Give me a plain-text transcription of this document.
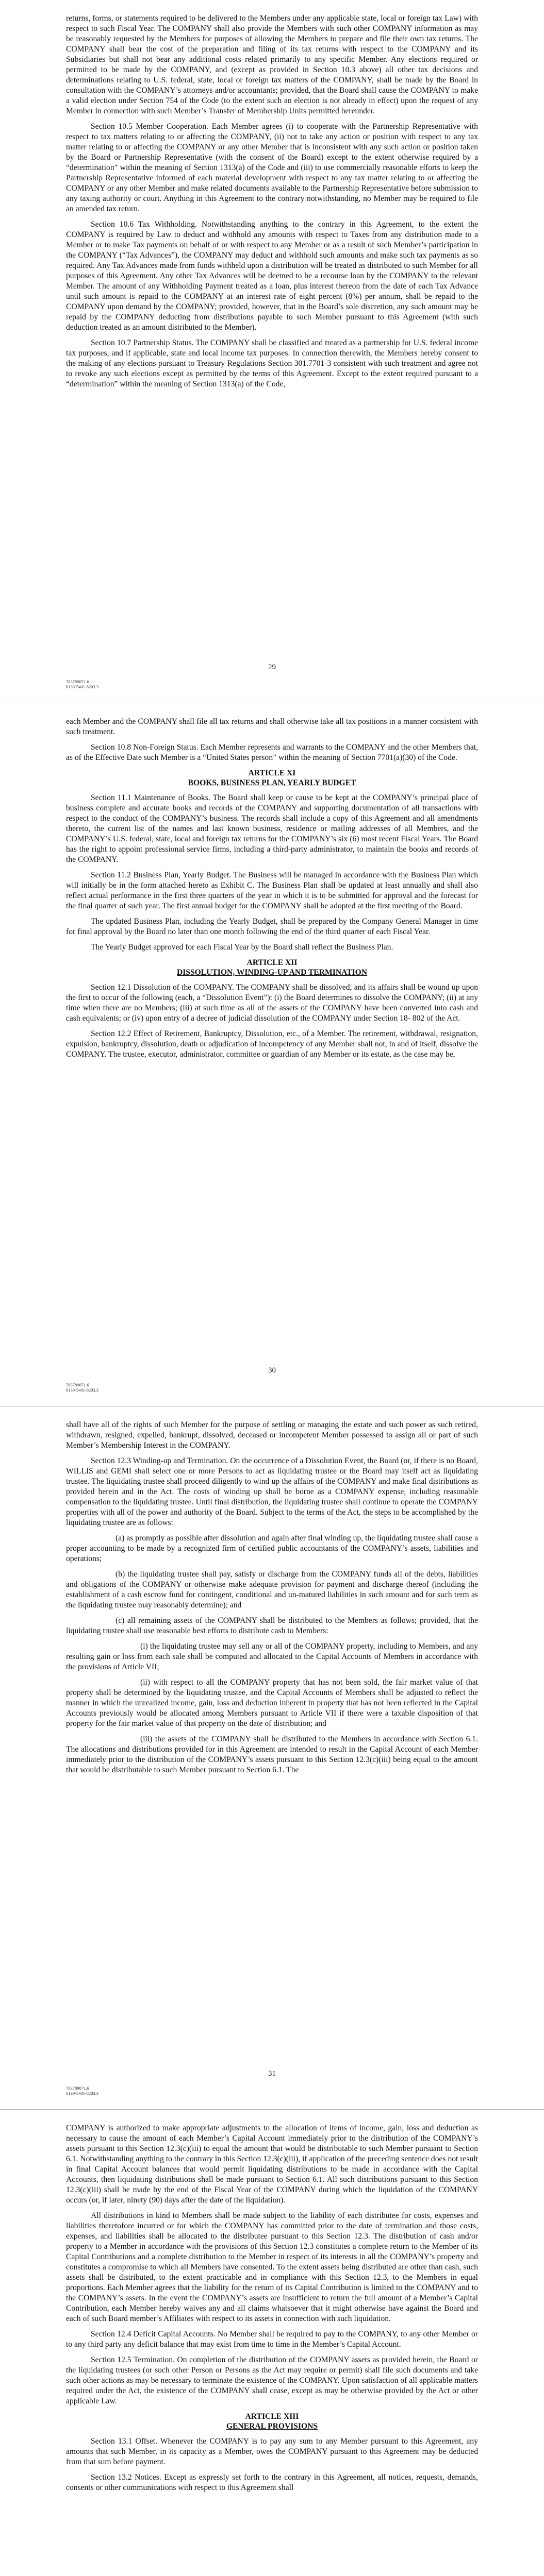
returns, forms, or statements required to be delivered to the Members under any applicable state, local or foreign tax Law) with respect to such Fiscal Year. The COMPANY shall also provide the Members with such other COMPANY information as may be reasonably requested by the Members for purposes of allowing the Members to prepare and file their own tax returns. The COMPANY shall bear the cost of the preparation and filing of its tax returns with respect to the COMPANY and its Subsidiaries but shall not bear any additional costs related primarily to any specific Member. Any elections required or permitted to be made by the COMPANY, and (except as provided in Section 10.3 above) all other tax decisions and determinations relating to U.S. federal, state, local or foreign tax matters of the COMPANY, shall be made by the Board in consultation with the COMPANY’s attorneys and/or accountants; provided, that the Board shall cause the COMPANY to make a valid election under Section 754 of the Code (to the extent such an election is not already in effect) upon the request of any Member in connection with such Member’s Transfer of Membership Units permitted hereunder.

Section 10.5 Member Cooperation. Each Member agrees (i) to cooperate with the Partnership Representative with respect to tax matters relating to or affecting the COMPANY, (ii) not to take any action or position with respect to any tax matter relating to or affecting the COMPANY or any other Member that is inconsistent with any such action or position taken by the Board or Partnership Representative (with the consent of the Board) except to the extent otherwise required by a “determination” within the meaning of Section 1313(a) of the Code and (iii) to use commercially reasonable efforts to keep the Partnership Representative informed of each material development with respect to any tax matter relating to or affecting the COMPANY or any other Member and make related documents available to the Partnership Representative before submission to any taxing authority or court. Anything in this Agreement to the contrary notwithstanding, no Member may be required to file an amended tax return.

Section 10.6 Tax Withholding. Notwithstanding anything to the contrary in this Agreement, to the extent the COMPANY is required by Law to deduct and withhold any amounts with respect to Taxes from any distribution made to a Member or to make Tax payments on behalf of or with respect to any Member or as a result of such Member’s participation in the COMPANY (“Tax Advances”), the COMPANY may deduct and withhold such amounts and make such tax payments as so required. Any Tax Advances made from funds withheld upon a distribution will be treated as distributed to such Member for all purposes of this Agreement. Any other Tax Advances will be deemed to be a recourse loan by the COMPANY to the relevant Member. The amount of any Withholding Payment treated as a loan, plus interest thereon from the date of each Tax Advance until such amount is repaid to the COMPANY at an interest rate of eight percent (8%) per annum, shall be repaid to the COMPANY upon demand by the COMPANY; provided, however, that in the Board’s sole discretion, any such amount may be repaid by the COMPANY deducting from distributions payable to such Member pursuant to this Agreement (with such deduction treated as an amount distributed to the Member).

Section 10.7 Partnership Status. The COMPANY shall be classified and treated as a partnership for U.S. federal income tax purposes, and if applicable, state and local income tax purposes. In connection therewith, the Members hereby consent to the making of any elections pursuant to Treasury Regulations Section 301.7701-3 consistent with such treatment and agree not to revoke any such elections except as permitted by the terms of this Agreement. Except to the extent required pursuant to a “determination” within the meaning of Section 1313(a) of the Code,

29
783789071.6
6139-5401-8203.3

each Member and the COMPANY shall file all tax returns and shall otherwise take all tax positions in a manner consistent with such treatment.

Section 10.8 Non-Foreign Status. Each Member represents and warrants to the COMPANY and the other Members that, as of the Effective Date such Member is a “United States person” within the meaning of Section 7701(a)(30) of the Code.

ARTICLE XI
BOOKS, BUSINESS PLAN, YEARLY BUDGET

Section 11.1 Maintenance of Books. The Board shall keep or cause to be kept at the COMPANY’s principal place of business complete and accurate books and records of the COMPANY and supporting documentation of all transactions with respect to the conduct of the COMPANY’s business. The records shall include a copy of this Agreement and all amendments thereto, the current list of the names and last known business, residence or mailing addresses of all Members, and the COMPANY’s U.S. federal, state, local and foreign tax returns for the COMPANY’s six (6) most recent Fiscal Years. The Board has the right to appoint professional service firms, including a third-party administrator, to maintain the books and records of the COMPANY.

Section 11.2 Business Plan, Yearly Budget. The Business will be managed in accordance with the Business Plan which will initially be in the form attached hereto as Exhibit C. The Business Plan shall be updated at least annually and shall also reflect actual performance in the first three quarters of the year in which it is to be submitted for approval and the forecast for the final quarter of such year. The first annual budget for the COMPANY shall be adopted at the first meeting of the Board.

The updated Business Plan, including the Yearly Budget, shall be prepared by the Company General Manager in time for final approval by the Board no later than one month following the end of the third quarter of each Fiscal Year.

The Yearly Budget approved for each Fiscal Year by the Board shall reflect the Business Plan.

ARTICLE XII
DISSOLUTION, WINDING-UP AND TERMINATION

Section 12.1 Dissolution of the COMPANY. The COMPANY shall be dissolved, and its affairs shall be wound up upon the first to occur of the following (each, a “Dissolution Event”): (i) the Board determines to dissolve the COMPANY; (ii) at any time when there are no Members; (iii) at such time as all of the assets of the COMPANY have been converted into cash and cash equivalents; or (iv) upon entry of a decree of judicial dissolution of the COMPANY under Section 18- 802 of the Act.

Section 12.2 Effect of Retirement, Bankruptcy, Dissolution, etc., of a Member. The retirement, withdrawal, resignation, expulsion, bankruptcy, dissolution, death or adjudication of incompetency of any Member shall not, in and of itself, dissolve the COMPANY. The trustee, executor, administrator, committee or guardian of any Member or its estate, as the case may be,

30
783789071.6
6139-5401-8203.3

shall have all of the rights of such Member for the purpose of settling or managing the estate and such power as such retired, withdrawn, resigned, expelled, bankrupt, dissolved, deceased or incompetent Member possessed to assign all or part of such Member’s Membership Interest in the COMPANY.

Section 12.3 Winding-up and Termination. On the occurrence of a Dissolution Event, the Board (or, if there is no Board, WILLIS and GEMI shall select one or more Persons to act as liquidating trustee or the Board may itself act as liquidating trustee. The liquidating trustee shall proceed diligently to wind up the affairs of the COMPANY and make final distributions as provided herein and in the Act. The costs of winding up shall be borne as a COMPANY expense, including reasonable compensation to the liquidating trustee. Until final distribution, the liquidating trustee shall continue to operate the COMPANY properties with all of the power and authority of the Board. Subject to the terms of the Act, the steps to be accomplished by the liquidating trustee are as follows:

(a) as promptly as possible after dissolution and again after final winding up, the liquidating trustee shall cause a proper accounting to be made by a recognized firm of certified public accountants of the COMPANY’s assets, liabilities and operations;

(b) the liquidating trustee shall pay, satisfy or discharge from the COMPANY funds all of the debts, liabilities and obligations of the COMPANY or otherwise make adequate provision for payment and discharge thereof (including the establishment of a cash escrow fund for contingent, conditional and un-matured liabilities in such amount and for such term as the liquidating trustee may reasonably determine); and

(c) all remaining assets of the COMPANY shall be distributed to the Members as follows; provided, that the liquidating trustee shall use reasonable best efforts to distribute cash to Members:

(i) the liquidating trustee may sell any or all of the COMPANY property, including to Members, and any resulting gain or loss from each sale shall be computed and allocated to the Capital Accounts of Members in accordance with the provisions of Article VII;

(ii) with respect to all the COMPANY property that has not been sold, the fair market value of that property shall be determined by the liquidating trustee, and the Capital Accounts of Members shall be adjusted to reflect the manner in which the unrealized income, gain, loss and deduction inherent in property that has not been reflected in the Capital Accounts previously would be allocated among Members pursuant to Article VII if there were a taxable disposition of that property for the fair market value of that property on the date of distribution; and

(iii) the assets of the COMPANY shall be distributed to the Members in accordance with Section 6.1. The allocations and distributions provided for in this Agreement are intended to result in the Capital Account of each Member immediately prior to the distribution of the COMPANY’s assets pursuant to this Section 12.3(c)(iii) being equal to the amount that would be distributable to such Member pursuant to Section 6.1. The

31
783789071.6
6139-5401-8203.3

COMPANY is authorized to make appropriate adjustments to the allocation of items of income, gain, loss and deduction as necessary to cause the amount of each Member’s Capital Account immediately prior to the distribution of the COMPANY’s assets pursuant to this Section 12.3(c)(iii) to equal the amount that would be distributable to such Member pursuant to Section 6.1. Notwithstanding anything to the contrary in this Section 12.3(c)(iii), if application of the preceding sentence does not result in final Capital Account balances that would permit liquidating distributions to be made in accordance with the Capital Accounts, then liquidating distributions shall be made pursuant to Section 6.1. All such distributions pursuant to this Section 12.3(c)(iii) shall be made by the end of the Fiscal Year of the COMPANY during which the liquidation of the COMPANY occurs (or, if later, ninety (90) days after the date of the liquidation).

All distributions in kind to Members shall be made subject to the liability of each distributee for costs, expenses and liabilities theretofore incurred or for which the COMPANY has committed prior to the date of termination and those costs, expenses, and liabilities shall be allocated to the distributee pursuant to this Section 12.3. The distribution of cash and/or property to a Member in accordance with the provisions of this Section 12.3 constitutes a complete return to the Member of its Capital Contributions and a complete distribution to the Member in respect of its interests in all the COMPANY’s property and constitutes a compromise to which all Members have consented. To the extent assets being distributed are other than cash, such assets shall be distributed, to the extent practicable and in compliance with this Section 12.3, to the Members in equal proportions. Each Member agrees that the liability for the return of its Capital Contribution is limited to the COMPANY and to the COMPANY’s assets. In the event the COMPANY’s assets are insufficient to return the full amount of a Member’s Capital Contribution, each Member hereby waives any and all claims whatsoever that it might otherwise have against the Board and each of such Board member’s Affiliates with respect to its assets in connection with such liquidation.

Section 12.4 Deficit Capital Accounts. No Member shall be required to pay to the COMPANY, to any other Member or to any third party any deficit balance that may exist from time to time in the Member’s Capital Account.

Section 12.5 Termination. On completion of the distribution of the COMPANY assets as provided herein, the Board or the liquidating trustees (or such other Person or Persons as the Act may require or permit) shall file such documents and take such other actions as may be necessary to terminate the existence of the COMPANY. Upon satisfaction of all applicable matters required under the Act, the existence of the COMPANY shall cease, except as may be otherwise provided by the Act or other applicable Law.

ARTICLE XIII
GENERAL PROVISIONS

Section 13.1 Offset. Whenever the COMPANY is to pay any sum to any Member pursuant to this Agreement, any amounts that such Member, in its capacity as a Member, owes the COMPANY pursuant to this Agreement may be deducted from that sum before payment.

Section 13.2 Notices. Except as expressly set forth to the contrary in this Agreement, all notices, requests, demands, consents or other communications with respect to this Agreement shall
